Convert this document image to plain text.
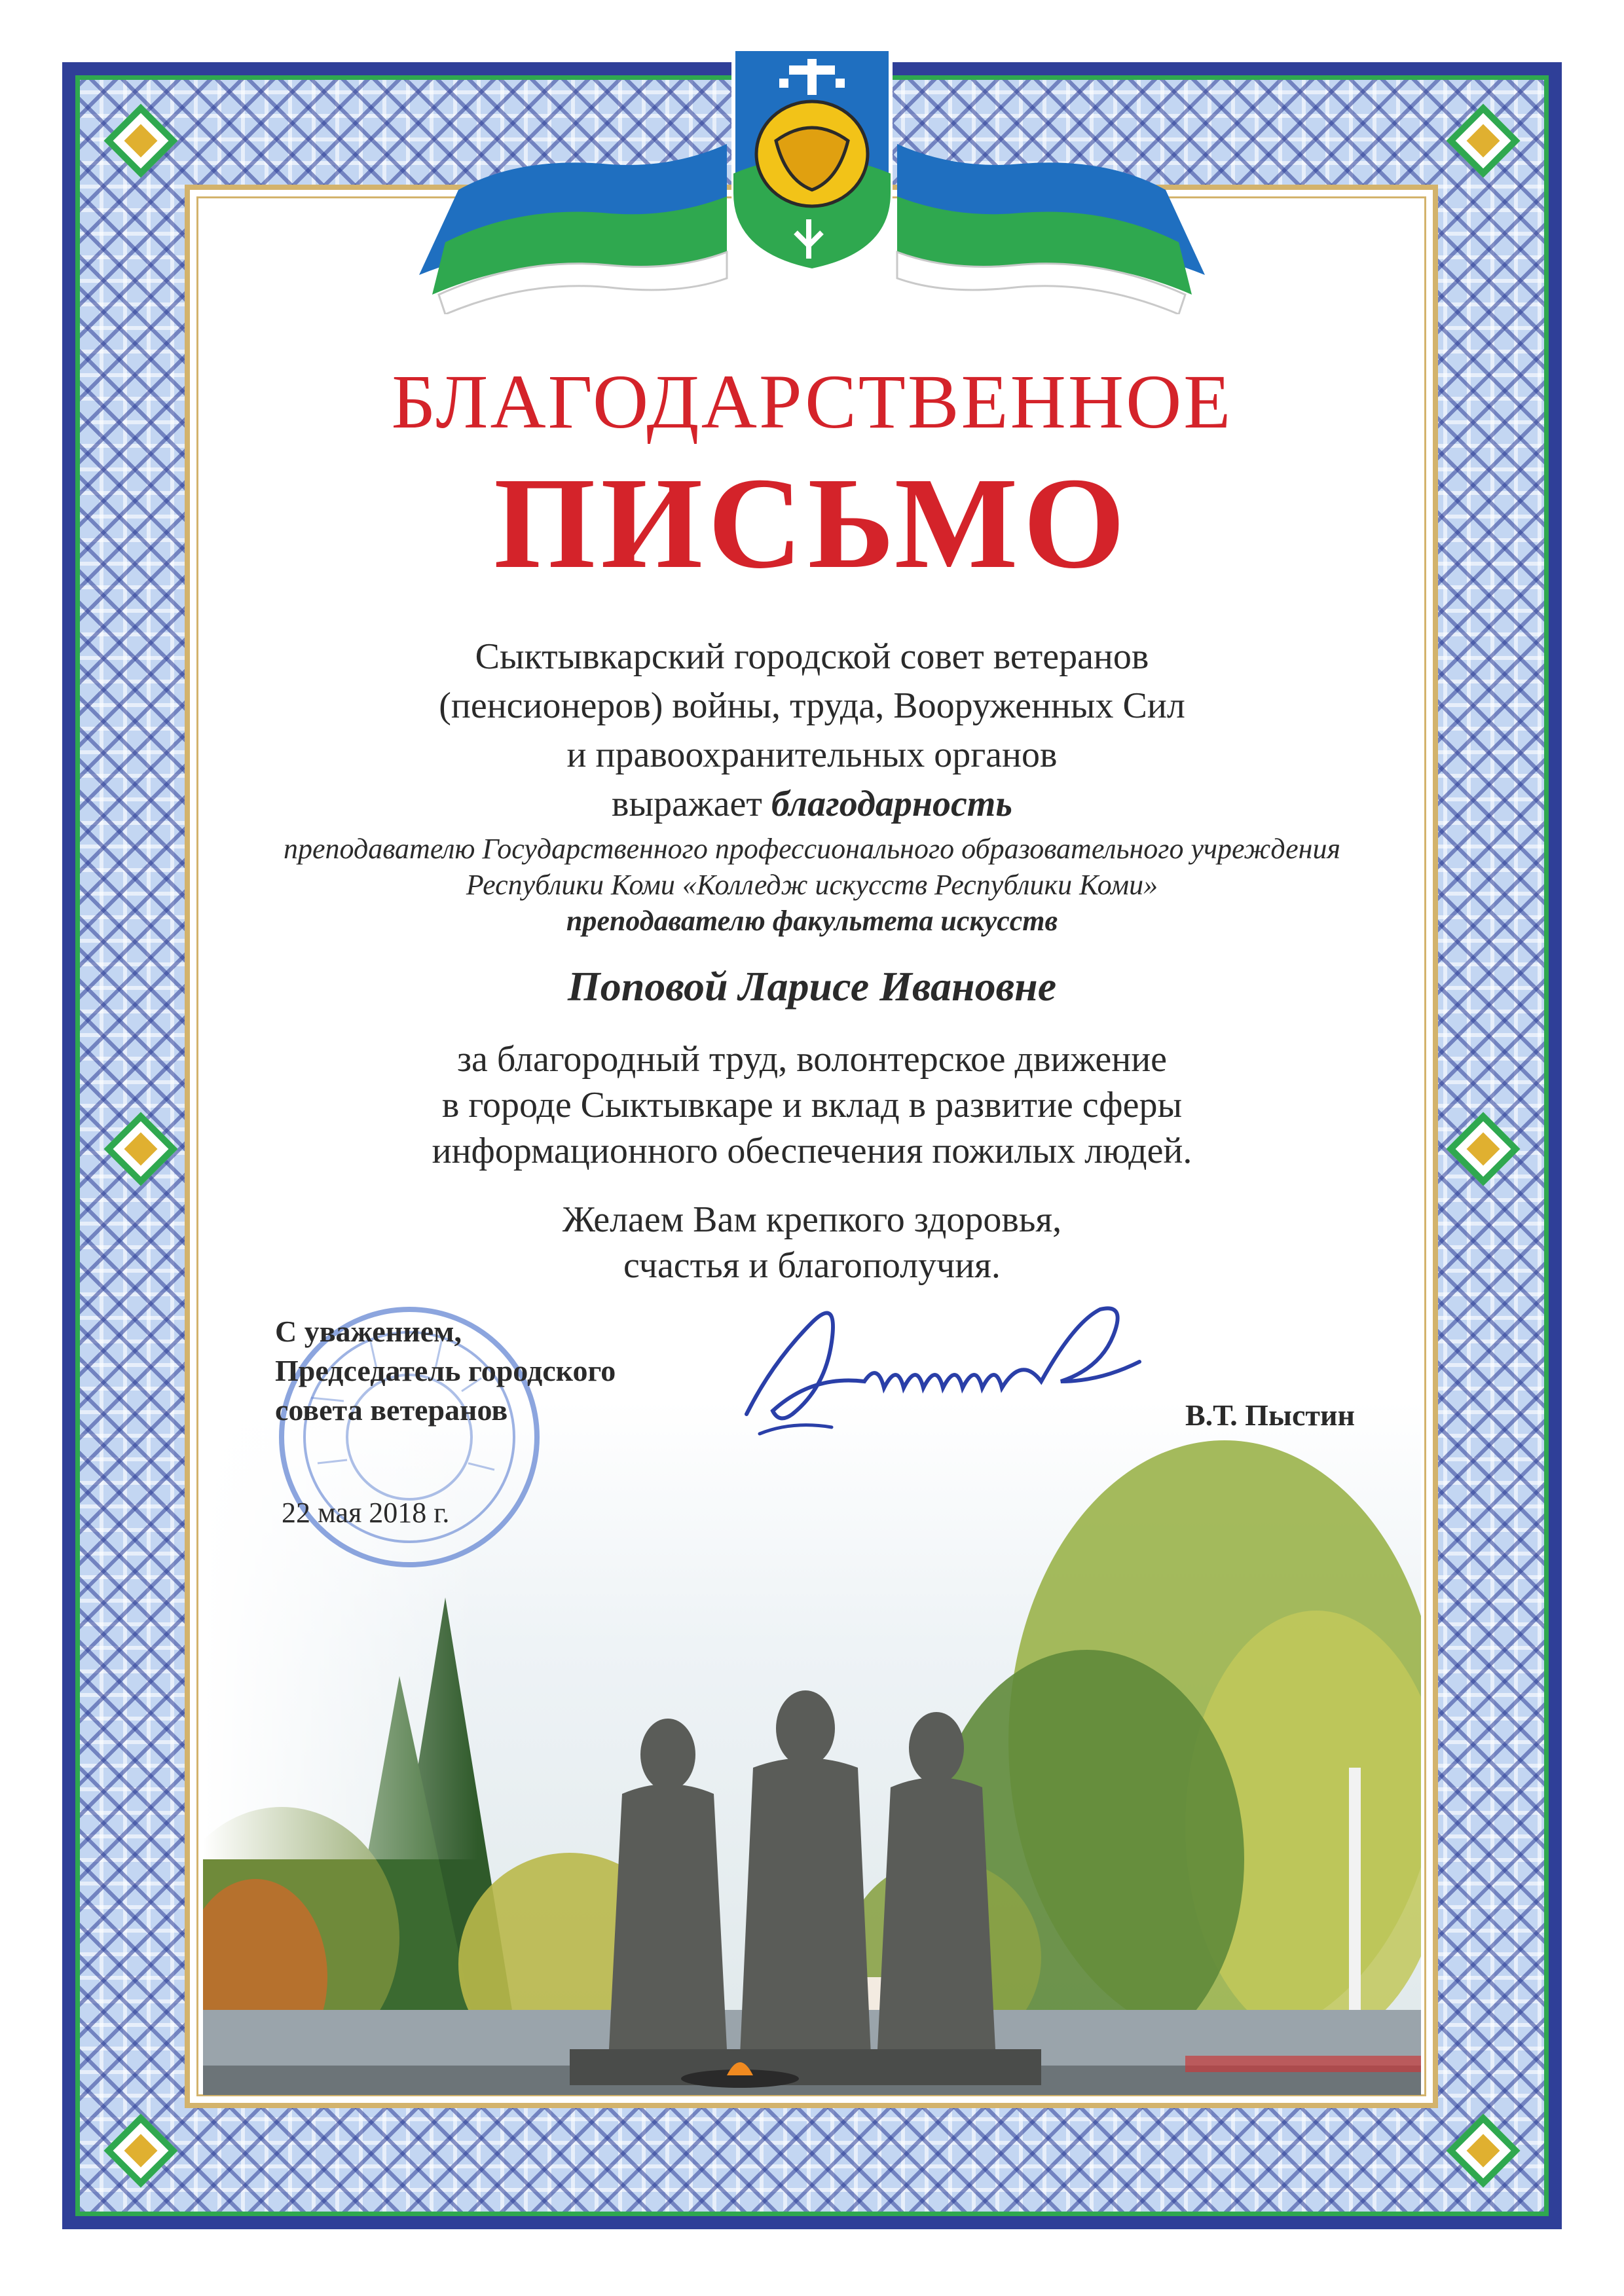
БЛАГОДАРСТВЕННОЕ
ПИСЬМО
Сыктывкарский городской совет ветеранов
(пенсионеров) войны, труда, Вооруженных Сил
и правоохранительных органов
выражает благодарность
преподавателю Государственного профессионального образовательного учреждения
Республики Коми «Колледж искусств Республики Коми»
преподавателю факультета искусств
Поповой Ларисе Ивановне
за благородный труд, волонтерское движение
в городе Сыктывкаре и вклад в развитие сферы
информационного обеспечения пожилых людей.
Желаем Вам крепкого здоровья,
счастья и благополучия.
С уважением,
Председатель городского
совета ветеранов
22 мая 2018 г.
В.Т. Пыстин
